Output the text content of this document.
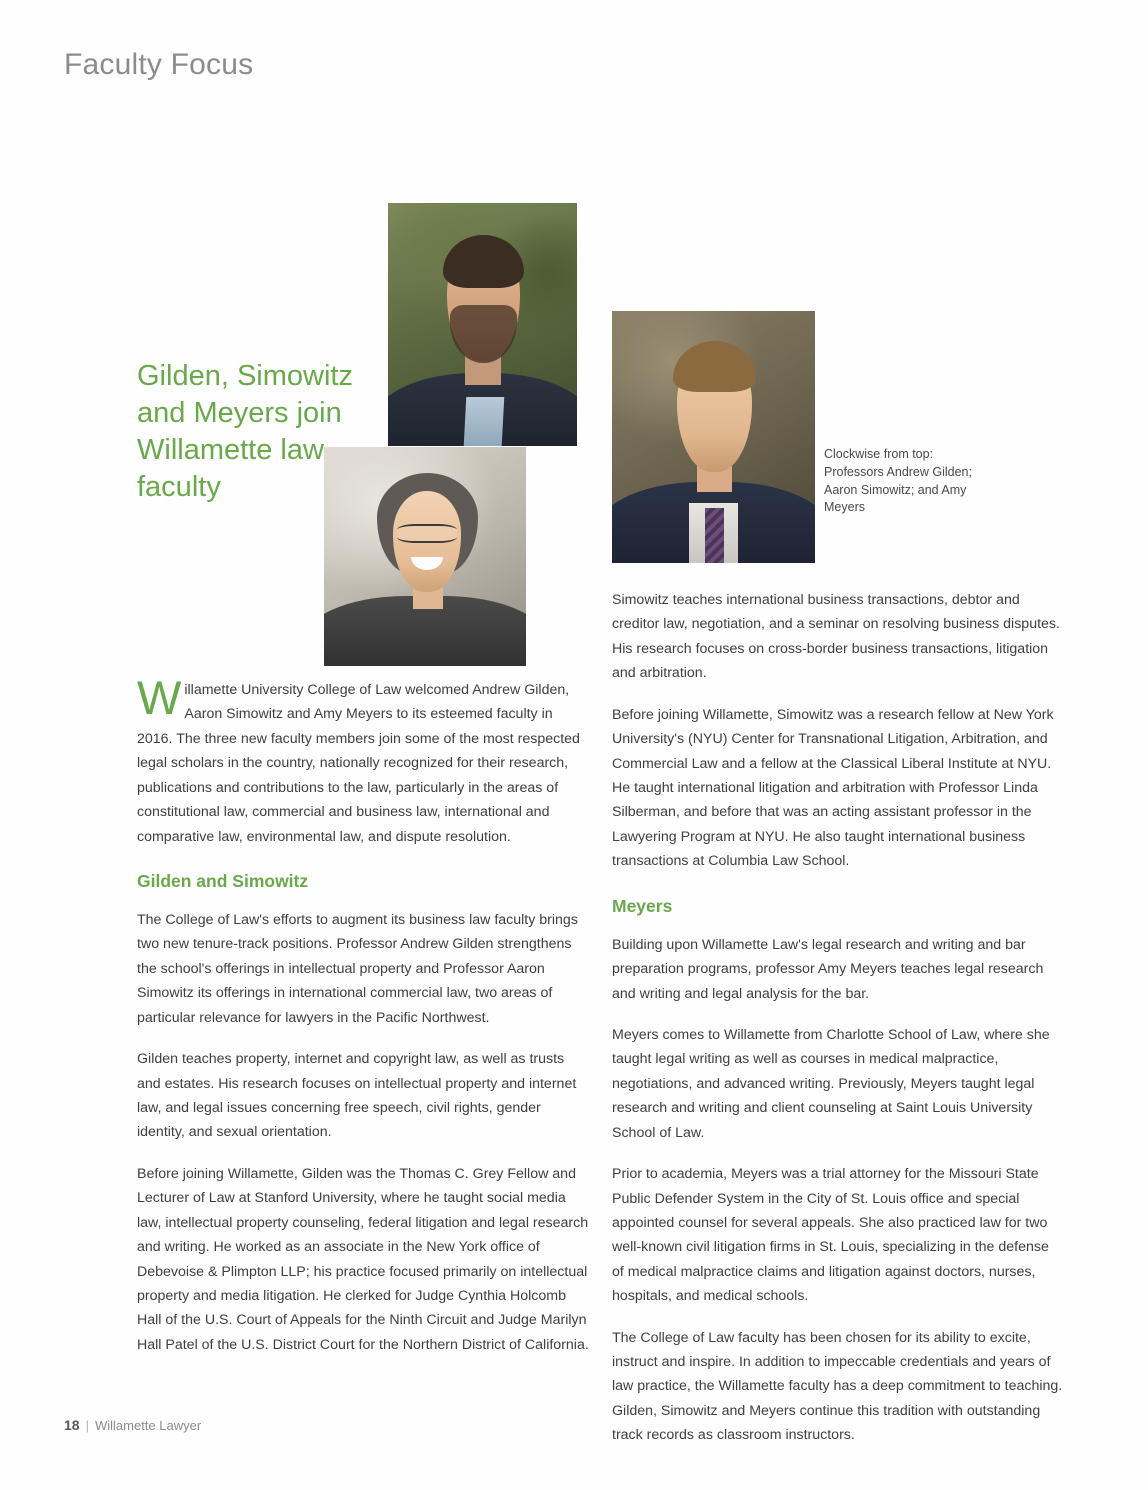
Faculty Focus
Gilden, Simowitz and Meyers join Willamette law faculty
Clockwise from top: Professors Andrew Gilden; Aaron Simowitz; and Amy Meyers

Willamette University College of Law welcomed Andrew Gilden, Aaron Simowitz and Amy Meyers to its esteemed faculty in 2016. The three new faculty members join some of the most respected legal scholars in the country, nationally recognized for their research, publications and contributions to the law, particularly in the areas of constitutional law, commercial and business law, international and comparative law, environmental law, and dispute resolution.

Gilden and Simowitz

The College of Law's efforts to augment its business law faculty brings two new tenure-track positions. Professor Andrew Gilden strengthens the school's offerings in intellectual property and Professor Aaron Simowitz its offerings in international commercial law, two areas of particular relevance for lawyers in the Pacific Northwest.

Gilden teaches property, internet and copyright law, as well as trusts and estates. His research focuses on intellectual property and internet law, and legal issues concerning free speech, civil rights, gender identity, and sexual orientation.

Before joining Willamette, Gilden was the Thomas C. Grey Fellow and Lecturer of Law at Stanford University, where he taught social media law, intellectual property counseling, federal litigation and legal research and writing. He worked as an associate in the New York office of Debevoise & Plimpton LLP; his practice focused primarily on intellectual property and media litigation. He clerked for Judge Cynthia Holcomb Hall of the U.S. Court of Appeals for the Ninth Circuit and Judge Marilyn Hall Patel of the U.S. District Court for the Northern District of California.

Simowitz teaches international business transactions, debtor and creditor law, negotiation, and a seminar on resolving business disputes. His research focuses on cross-border business transactions, litigation and arbitration.

Before joining Willamette, Simowitz was a research fellow at New York University's (NYU) Center for Transnational Litigation, Arbitration, and Commercial Law and a fellow at the Classical Liberal Institute at NYU. He taught international litigation and arbitration with Professor Linda Silberman, and before that was an acting assistant professor in the Lawyering Program at NYU. He also taught international business transactions at Columbia Law School.

Meyers

Building upon Willamette Law's legal research and writing and bar preparation programs, professor Amy Meyers teaches legal research and writing and legal analysis for the bar.

Meyers comes to Willamette from Charlotte School of Law, where she taught legal writing as well as courses in medical malpractice, negotiations, and advanced writing. Previously, Meyers taught legal research and writing and client counseling at Saint Louis University School of Law.

Prior to academia, Meyers was a trial attorney for the Missouri State Public Defender System in the City of St. Louis office and special appointed counsel for several appeals. She also practiced law for two well-known civil litigation firms in St. Louis, specializing in the defense of medical malpractice claims and litigation against doctors, nurses, hospitals, and medical schools.

The College of Law faculty has been chosen for its ability to excite, instruct and inspire. In addition to impeccable credentials and years of law practice, the Willamette faculty has a deep commitment to teaching. Gilden, Simowitz and Meyers continue this tradition with outstanding track records as classroom instructors.

18 | Willamette Lawyer
